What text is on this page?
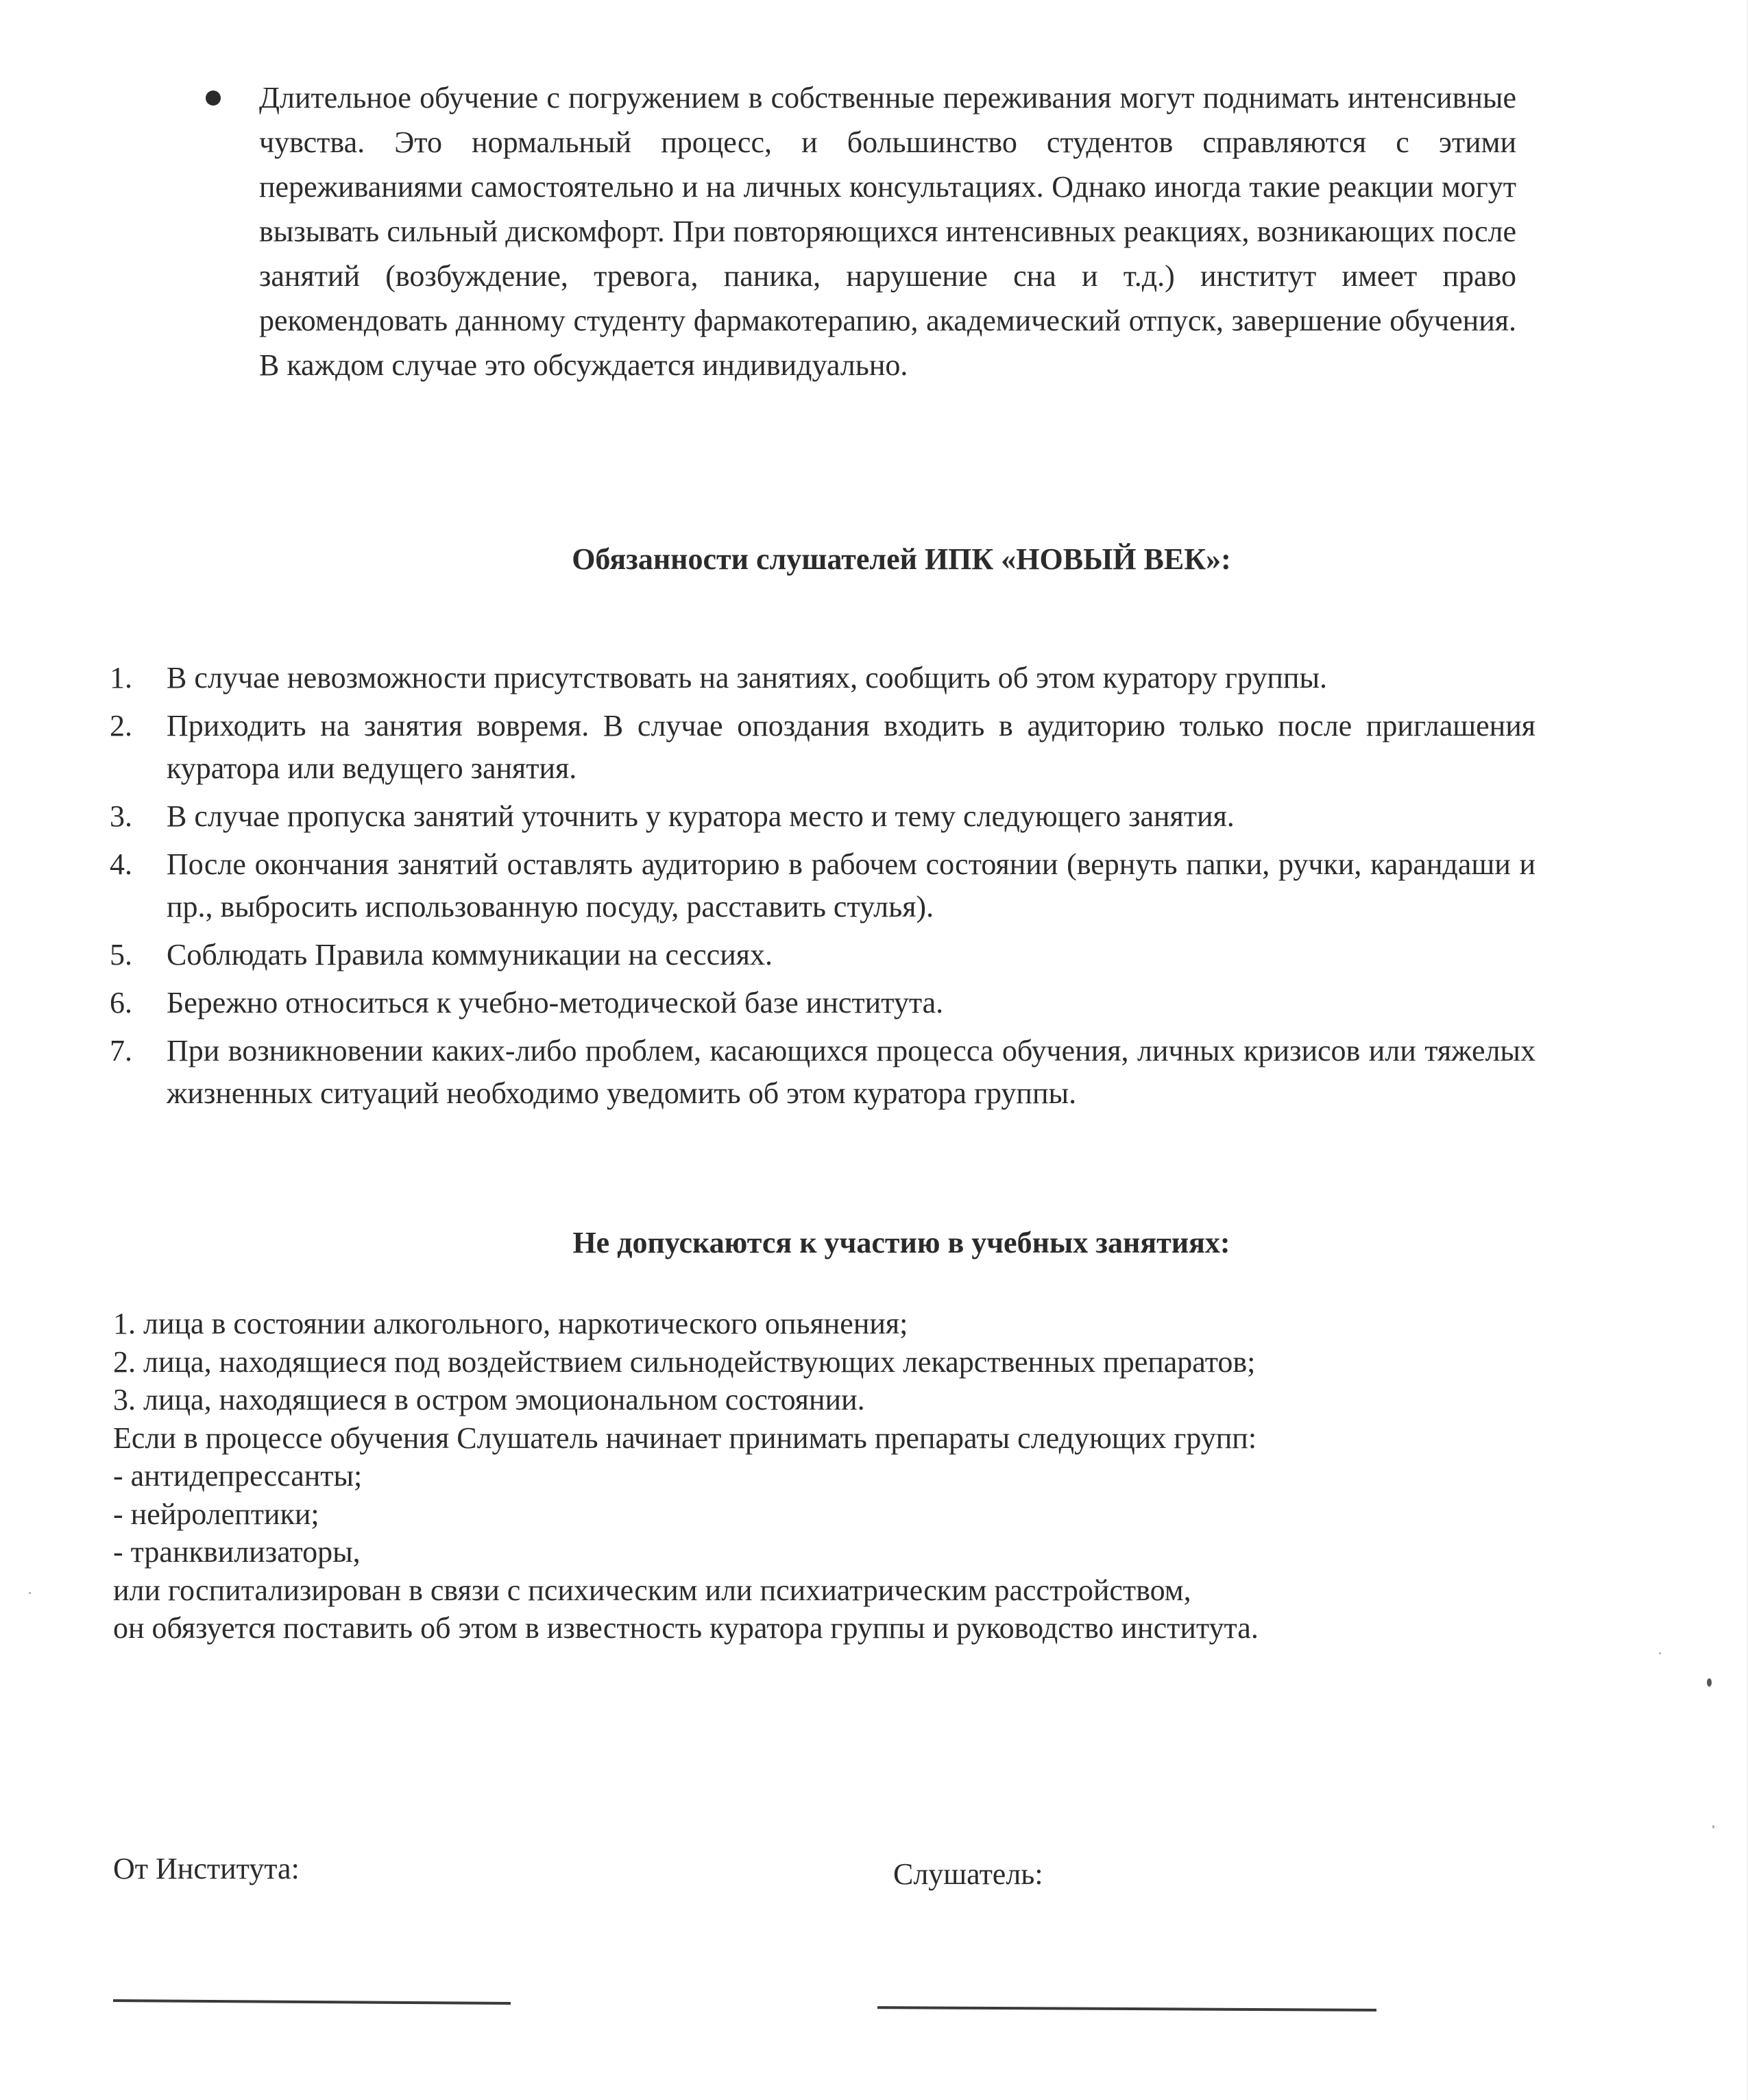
Длительное обучение с погружением в собственные переживания могут поднимать интенсивные чувства. Это нормальный процесс, и большинство студентов справляются с этими переживаниями самостоятельно и на личных консультациях. Однако иногда такие реакции могут вызывать сильный дискомфорт. При повторяющихся интенсивных реакциях, возникающих после занятий (возбуждение, тревога, паника, нарушение сна и т.д.) институт имеет право рекомендовать данному студенту фармакотерапию, академический отпуск, завершение обучения. В каждом случае это обсуждается индивидуально.

Обязанности слушателей ИПК «НОВЫЙ ВЕК»:
1. В случае невозможности присутствовать на занятиях, сообщить об этом куратору группы.
2. Приходить на занятия вовремя. В случае опоздания входить в аудиторию только после приглашения куратора или ведущего занятия.
3. В случае пропуска занятий уточнить у куратора место и тему следующего занятия.
4. После окончания занятий оставлять аудиторию в рабочем состоянии (вернуть папки, ручки, карандаши и пр., выбросить использованную посуду, расставить стулья).
5. Соблюдать Правила коммуникации на сессиях.
6. Бережно относиться к учебно-методической базе института.
7. При возникновении каких-либо проблем, касающихся процесса обучения, личных кризисов или тяжелых жизненных ситуаций необходимо уведомить об этом куратора группы.
Не допускаются к участию в учебных занятиях:
1. лица в состоянии алкогольного, наркотического опьянения;
2. лица, находящиеся под воздействием сильнодействующих лекарственных препаратов;
3. лица, находящиеся в остром эмоциональном состоянии.
Если в процессе обучения Слушатель начинает принимать препараты следующих групп:
- антидепрессанты;
- нейролептики;
- транквилизаторы,
или госпитализирован в связи с психическим или психиатрическим расстройством,
он обязуется поставить об этом в известность куратора группы и руководство института.
От Института:	Слушатель:
